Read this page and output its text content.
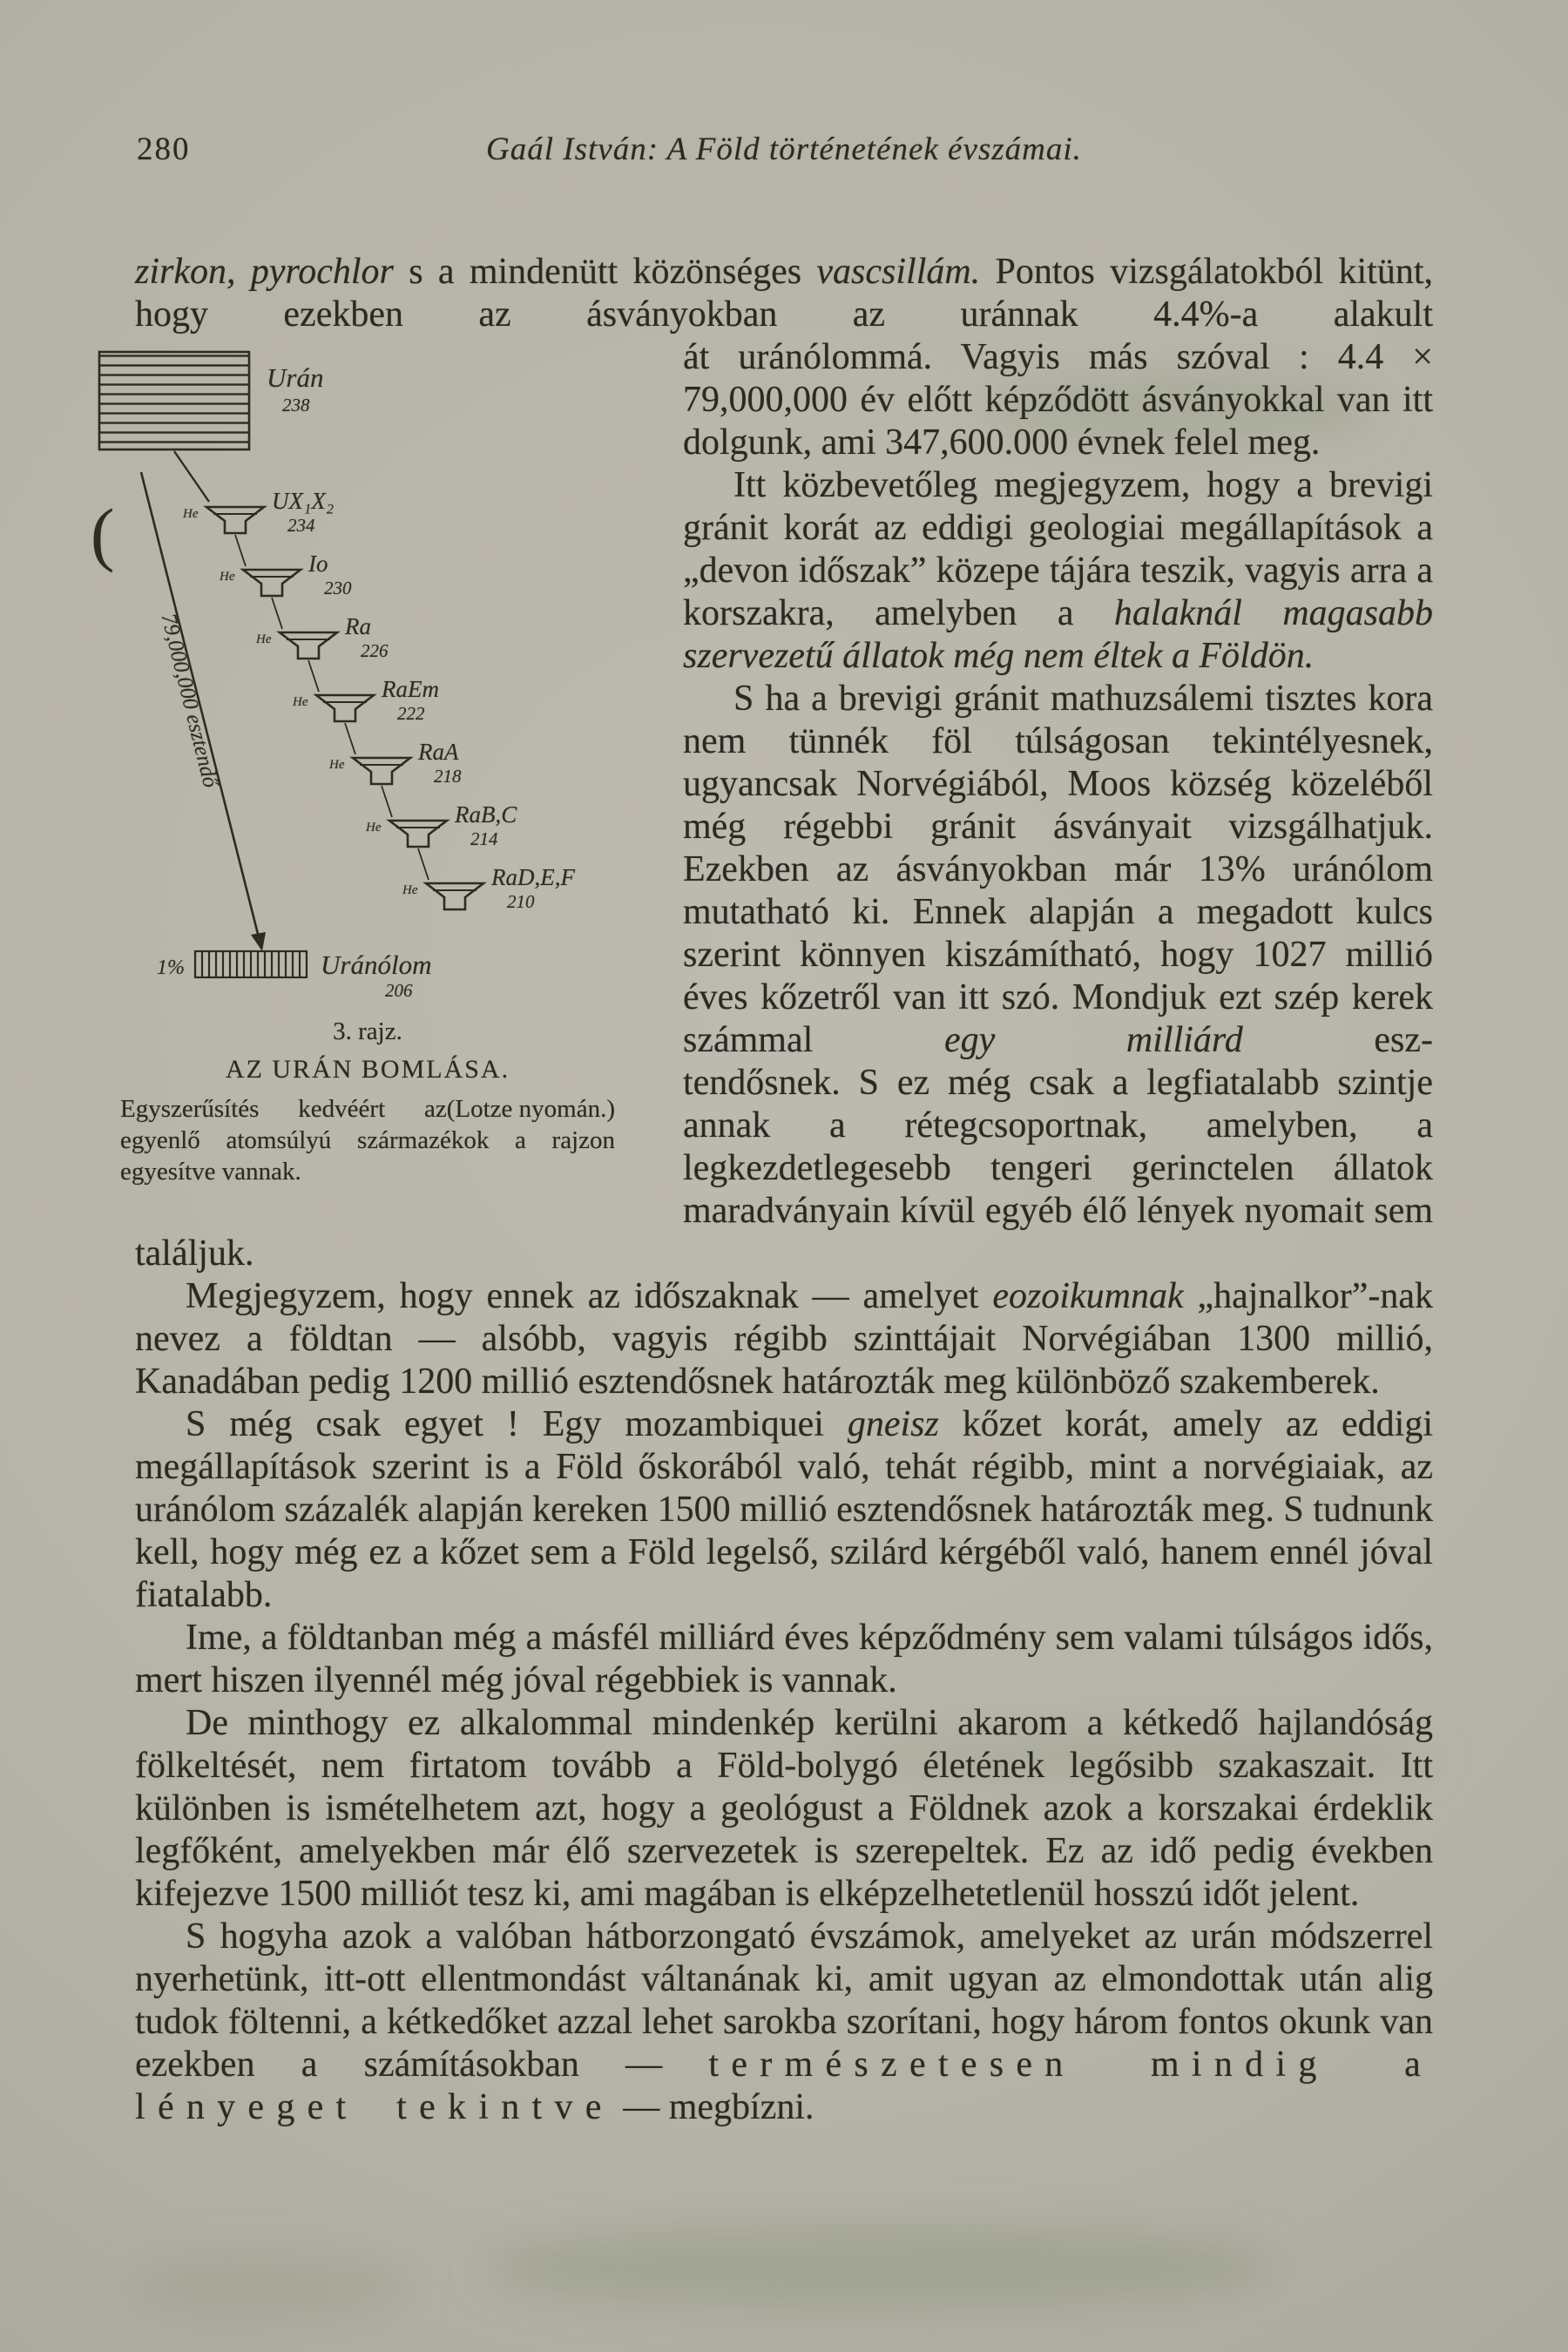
280	Gaál István: A Föld történetének évszámai.

zirkon, pyrochlor s a mindenütt közönséges vascsillám. Pontos vizsgálatokból kitünt, hogy ezekben az ásványokban az uránnak 4.4%-a alakult

Urán
238
(
79,000,000 esztendő
He	UX₁X₂
234
He	Io
230
He	Ra
226
He	RaEm
222
He	RaA
218
He	RaB,C
214
He	RaD,E,F
210
1%	Uránólom
206
3. rajz.
AZ URÁN BOMLÁSA.
(Lotze nyomán.)
Egyszerűsítés kedvéért az egyenlő atomsúlyú származékok a rajzon egyesítve vannak.

át uránólommá. Vagyis más szóval : 4.4 × 79,000,000 év előtt képződött ásványokkal van itt dolgunk, ami 347,600.000 évnek felel meg.

Itt közbevetőleg megjegyzem, hogy a brevigi gránit korát az eddigi geologiai megállapítások a „devon időszak” közepe tájára teszik, vagyis arra a korszakra, amelyben a halaknál magasabb szervezetű állatok még nem éltek a Földön.

S ha a brevigi gránit mathuzsálemi tisztes kora nem tünnék föl túlságosan tekintélyesnek, ugyancsak Norvégiából, Moos község közeléből még régebbi gránit ásványait vizsgálhatjuk. Ezekben az ásványokban már 13% uránólom mutatható ki. Ennek alapján a megadott kulcs szerint könnyen kiszámítható, hogy 1027 millió éves kőzetről van itt szó. Mondjuk ezt szép kerek számmal egy milliárd esz-

tendősnek. S ez még csak a legfiatalabb szintje annak a rétegcsoportnak, amelyben, a legkezdetlegesebb tengeri gerinctelen állatok maradványain kívül egyéb élő lények nyomait sem találjuk.

Megjegyzem, hogy ennek az időszaknak — amelyet eozoikumnak „hajnalkor”-nak nevez a földtan — alsóbb, vagyis régibb szinttájait Norvégiában 1300 millió, Kanadában pedig 1200 millió esztendősnek határozták meg különböző szakemberek.

S még csak egyet ! Egy mozambiquei gneisz kőzet korát, amely az eddigi megállapítások szerint is a Föld őskorából való, tehát régibb, mint a norvégiaiak, az uránólom százalék alapján kereken 1500 millió esztendősnek határozták meg. S tudnunk kell, hogy még ez a kőzet sem a Föld legelső, szilárd kérgéből való, hanem ennél jóval fiatalabb.

Ime, a földtanban még a másfél milliárd éves képződmény sem valami túlságos idős, mert hiszen ilyennél még jóval régebbiek is vannak.

De minthogy ez alkalommal mindenkép kerülni akarom a kétkedő hajlandóság fölkeltését, nem firtatom tovább a Föld-bolygó életének legősibb szakaszait. Itt különben is ismételhetem azt, hogy a geológust a Földnek azok a korszakai érdeklik legfőként, amelyekben már élő szervezetek is szerepeltek. Ez az idő pedig években kifejezve 1500 milliót tesz ki, ami magában is elképzelhetetlenül hosszú időt jelent.

S hogyha azok a valóban hátborzongató évszámok, amelyeket az urán módszerrel nyerhetünk, itt-ott ellentmondást váltanának ki, amit ugyan az elmondottak után alig tudok föltenni, a kétkedőket azzal lehet sarokba szorítani, hogy három fontos okunk van ezekben a számításokban — természetesen mindig a lényeget tekintve — megbízni.
